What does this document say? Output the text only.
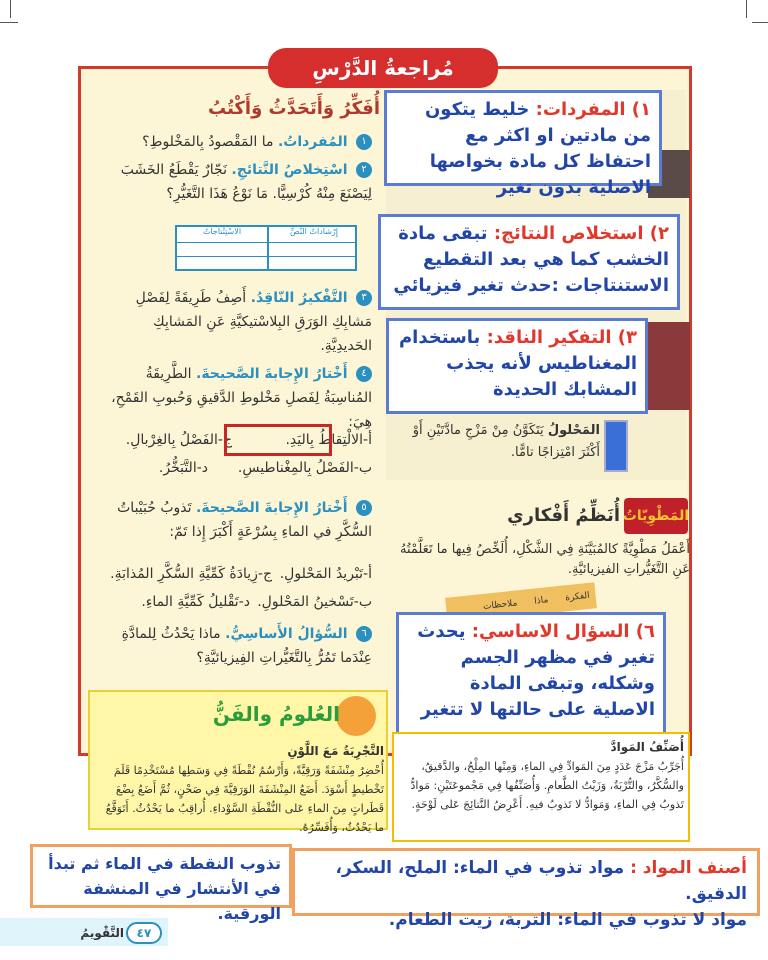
مُراجعةُ الدَّرْسِ
أُفَكِّرُ وَأَتَحَدَّثُ وَأَكْتُبُ
١ المُفرداتُ. ما المَقْصودُ بِالمَخْلوطِ؟
٢ اسْتِخلاصُ النَّتائجِ. نَجّارٌ يَقْطَعُ الخَشَبَ لِيَصْنَعَ مِنْهُ كُرْسِيًّا. مَا نَوْعُ هَذَا التَّغَيُّرِ؟
إِرْشاداتُ النَّصِّ
الاسْتِنْتاجاتُ
٣ التَّفْكيرُ النّاقِدُ. أَصِفُ طَرِيقَةً لِفَصْلِ مَشابِكِ الوَرَقِ البِلاسْتيكيَّةِ عَنِ المَشابِكِ الحَديدِيَّةِ.
٤ أَخْتارُ الإِجابةَ الصَّحيحةَ. الطَّرِيقَةُ المُناسِبَةُ لِفَصلِ مَخْلوطِ الدَّقيقِ وَحُبوبِ القَمْحِ، هِيَ:
أ-الالْتِقاطُ بِاليَدِ.
ج-الفَصْلُ بِالغِرْبالِ.
ب-الفَصْلُ بِالمِغْناطيسِ.
د-التَّبَخُّرُ.
٥ أَخْتارُ الإِجابةَ الصَّحيحةَ. تَذوبُ حُبَيْباتُ السُّكَّرِ في الماءِ بِسُرْعَةٍ أَكْبَرَ إِذا تَمّ:
أ-تَبْريدُ المَحْلولِ.
ج-زِيادَةُ كَمِّيَّةِ السُّكَّرِ المُذابَةِ.
ب-تَسْخينُ المَحْلولِ.
د-تَقْليلُ كَمِّيَّةِ الماءِ.
٦ السُّؤالُ الأَساسِيُّ. ماذا يَحْدُثُ لِلمادَّةِ عِنْدَما تَمُرُّ بِالتَّغَيُّراتِ الفِيزيائيَّةِ؟
المَحْلولُ يَتَكَوَّنُ مِنْ مَزْجِ مادَّتَيْنِ أَوْ أَكْثَرَ امْتِزاجًا تامًّا.
١) المفردات: خليط يتكون من مادتين او اكثر مع احتفاظ كل مادة بخواصها الاصلية بدون تغير
٢) استخلاص النتائج: تبقى مادة الخشب كما هي بعد التقطيع الاستنتاجات :حدث تغير فيزيائي
٣) التفكير الناقد: باستخدام المغناطيس لأنه يجذب المشابك الحديدة
المَطْوِيّاتُ
أُنَظِّمُ أَفْكاري
أَعْمَلُ مَطْوِيَّةً كالمُبَيَّنَةِ فِي الشَّكْلِ، أُلَخِّصُ فِيها ما تَعَلَّمْتُهُ عَنِ التَّغَيُّراتِ الفيزيائيَّةِ.
الفكرة ماذا ملاحظات
٦) السؤال الاساسي: يحدث تغير في مظهر الجسم وشكله، وتبقى المادة الاصلية على حالتها لا تتغير
العُلومُ والفَنُّ
التَّجْرِبَةُ مَعَ اللَّوْنِ
أُحْضِرُ مِنْشَفَةً وَرَقِيَّةً، وَأَرْسُمُ نُقْطَةً فِي وَسَطِها مُسْتَخْدِمًا قَلَمَ تَخْطيطٍ أَسْوَدَ. أَضَعُ المِنْشَفَةَ الوَرَقِيَّةَ فِي صَحْنٍ، ثُمَّ أَضَعُ بِضْعَ قَطَراتٍ مِنَ الماءِ عَلى النُّقْطَةِ السَّوْداءِ. أُراقِبُ ما يَحْدُثُ. أَتَوَقَّعُ ما يَحْدُثُ، وَأُفَسِّرُهُ.
أُصَنِّفُ المَوادَّ
أُجَرِّبُ مَزْجَ عَدَدٍ مِنَ المَوادِّ فِي الماءِ، وَمِنْها المِلْحُ، والدَّقيقُ، والسُّكَّرُ، والتُّرْبَةُ، وَزَيْتُ الطَّعامِ. وَأُصَنِّفُها فِي مَجْموعَتَيْنِ: مَوادُّ تَذوبُ فِي الماءِ، وَمَوادُّ لا تَذوبُ فيهِ. أَعْرِضُ النَّتائِجَ عَلى لَوْحَةٍ.
أصنف المواد : مواد تذوب في الماء: الملح، السكر، الدقيق.
مواد لا تذوب في الماء: التربة، زيت الطعام.
تذوب النقطة في الماء ثم تبدأ في الأنتشار في المنشفة الورقية.
التَّقْويمُ	٤٧
